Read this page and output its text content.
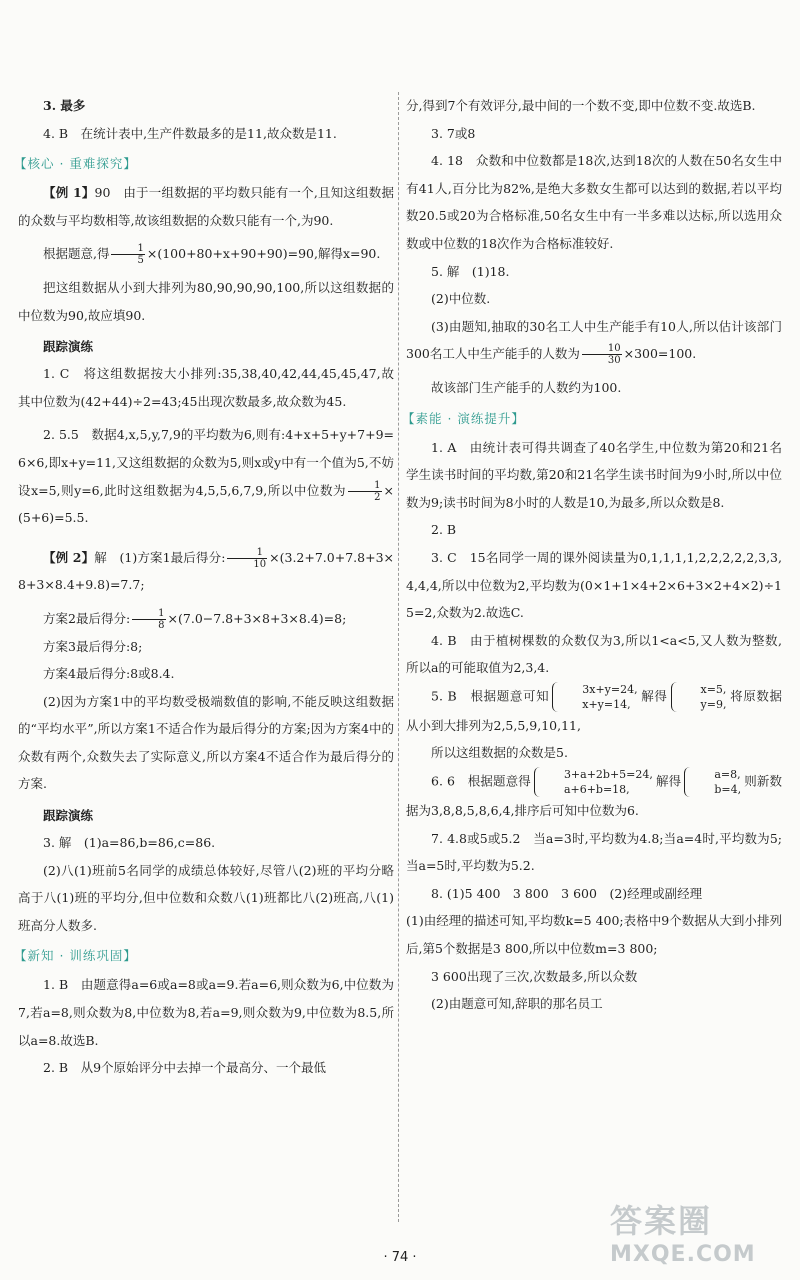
3. 最多

4. B　在统计表中,生产件数最多的是11,故众数是11.

【核心 · 重难探究】

【例 1】90　由于一组数据的平均数只能有一个,且知这组数据的众数与平均数相等,故该组数据的众数只能有一个,为90.

根据题意,得 $\frac{1}{5} \times(100+80+x+90+90)=90$,解得x=90.

把这组数据从小到大排列为80,90,90,90,100,所以这组数据的中位数为90,故应填90.

跟踪演练

1. C　将这组数据按大小排列:35,38,40,42,44,45,45,47,故其中位数为(42+44)÷2=43;45出现次数最多,故众数为45.

2. 5.5　数据4,x,5,y,7,9的平均数为6,则有:4+x+5+y+7+9=6×6,即x+y=11,又这组数据的众数为5,则x或y中有一个值为5,不妨设x=5,则y=6,此时这组数据为4,5,5,6,7,9,所以中位数为 $\frac{1}{2} \times(5+6)=5.5$.

【例 2】解　(1)方案1最后得分: $\frac{1}{10} \times(3.2+7.0+7.8+3\times 8+3\times 8.4+9.8)=7.7$;

方案2最后得分: $\frac{1}{8} \times(7.0-7.8+3\times 8+3\times 8.4)=8$;

方案3最后得分:8;

方案4最后得分:8或8.4.

(2)因为方案1中的平均数受极端数值的影响,不能反映这组数据的“平均水平”,所以方案1不适合作为最后得分的方案;因为方案4中的众数有两个,众数失去了实际意义,所以方案4不适合作为最后得分的方案.

跟踪演练

3. 解　(1)a=86,b=86,c=86.

(2)八(1)班前5名同学的成绩总体较好,尽管八(2)班的平均分略高于八(1)班的平均分,但中位数和众数八(1)班都比八(2)班高,八(1)班高分人数多.

【新知 · 训练巩固】

1. B　由题意得a=6或a=8或a=9.若a=6,则众数为6,中位数为7,若a=8,则众数为8,中位数为8,若a=9,则众数为9,中位数为8.5,所以a=8.故选B.

2. B　从9个原始评分中去掉一个最高分、一个最低

分,得到7个有效评分,最中间的一个数不变,即中位数不变.故选B.

3. 7或8

4. 18　众数和中位数都是18次,达到18次的人数在50名女生中有41人,百分比为82%,是绝大多数女生都可以达到的数据,若以平均数20.5或20为合格标准,50名女生中有一半多难以达标,所以选用众数或中位数的18次作为合格标准较好.

5. 解　(1)18.

(2)中位数.

(3)由题知,抽取的30名工人中生产能手有10人,所以估计该部门300名工人中生产能手的人数为 $\frac{10}{30} \times 300=100$.

故该部门生产能手的人数约为100.

【素能 · 演练提升】

1. A　由统计表可得共调查了40名学生,中位数为第20和21名学生读书时间的平均数,第20和21名学生读书时间为9小时,所以中位数为9;读书时间为8小时的人数是10,为最多,所以众数是8.

2. B

3. C　15名同学一周的课外阅读量为0,1,1,1,1,2,2,2,2,2,3,3,4,4,4,所以中位数为2,平均数为(0×1+1×4+2×6+3×2+4×2)÷15=2,众数为2.故选C.

4. B　由于植树棵数的众数仅为3,所以1<a<5,又人数为整数,所以a的可能取值为2,3,4.

5. B　根据题意可知	3x+y=24,
x+y=14,
解得	x=5,
y=9,
将原数据从小到大排列为2,5,5,9,10,11,

所以这组数据的众数是5.

6. 6　根据题意得	3+a+2b+5=24,
a+6+b=18,
解得	a=8,
b=4,
则新数据为3,8,8,5,8,6,4,排序后可知中位数为6.

7. 4.8或5或5.2　当a=3时,平均数为4.8;当a=4时,平均数为5;当a=5时,平均数为5.2.

8. (1)5 400　3 800　3 600　(2)经理或副经理

(1)由经理的描述可知,平均数k=5 400;表格中9个数据从大到小排列后,第5个数据是3 800,所以中位数m=3 800;

3 600出现了三次,次数最多,所以众数

(2)由题意可知,辞职的那名员工

答案圈
MXQE.COM
· 74 ·
